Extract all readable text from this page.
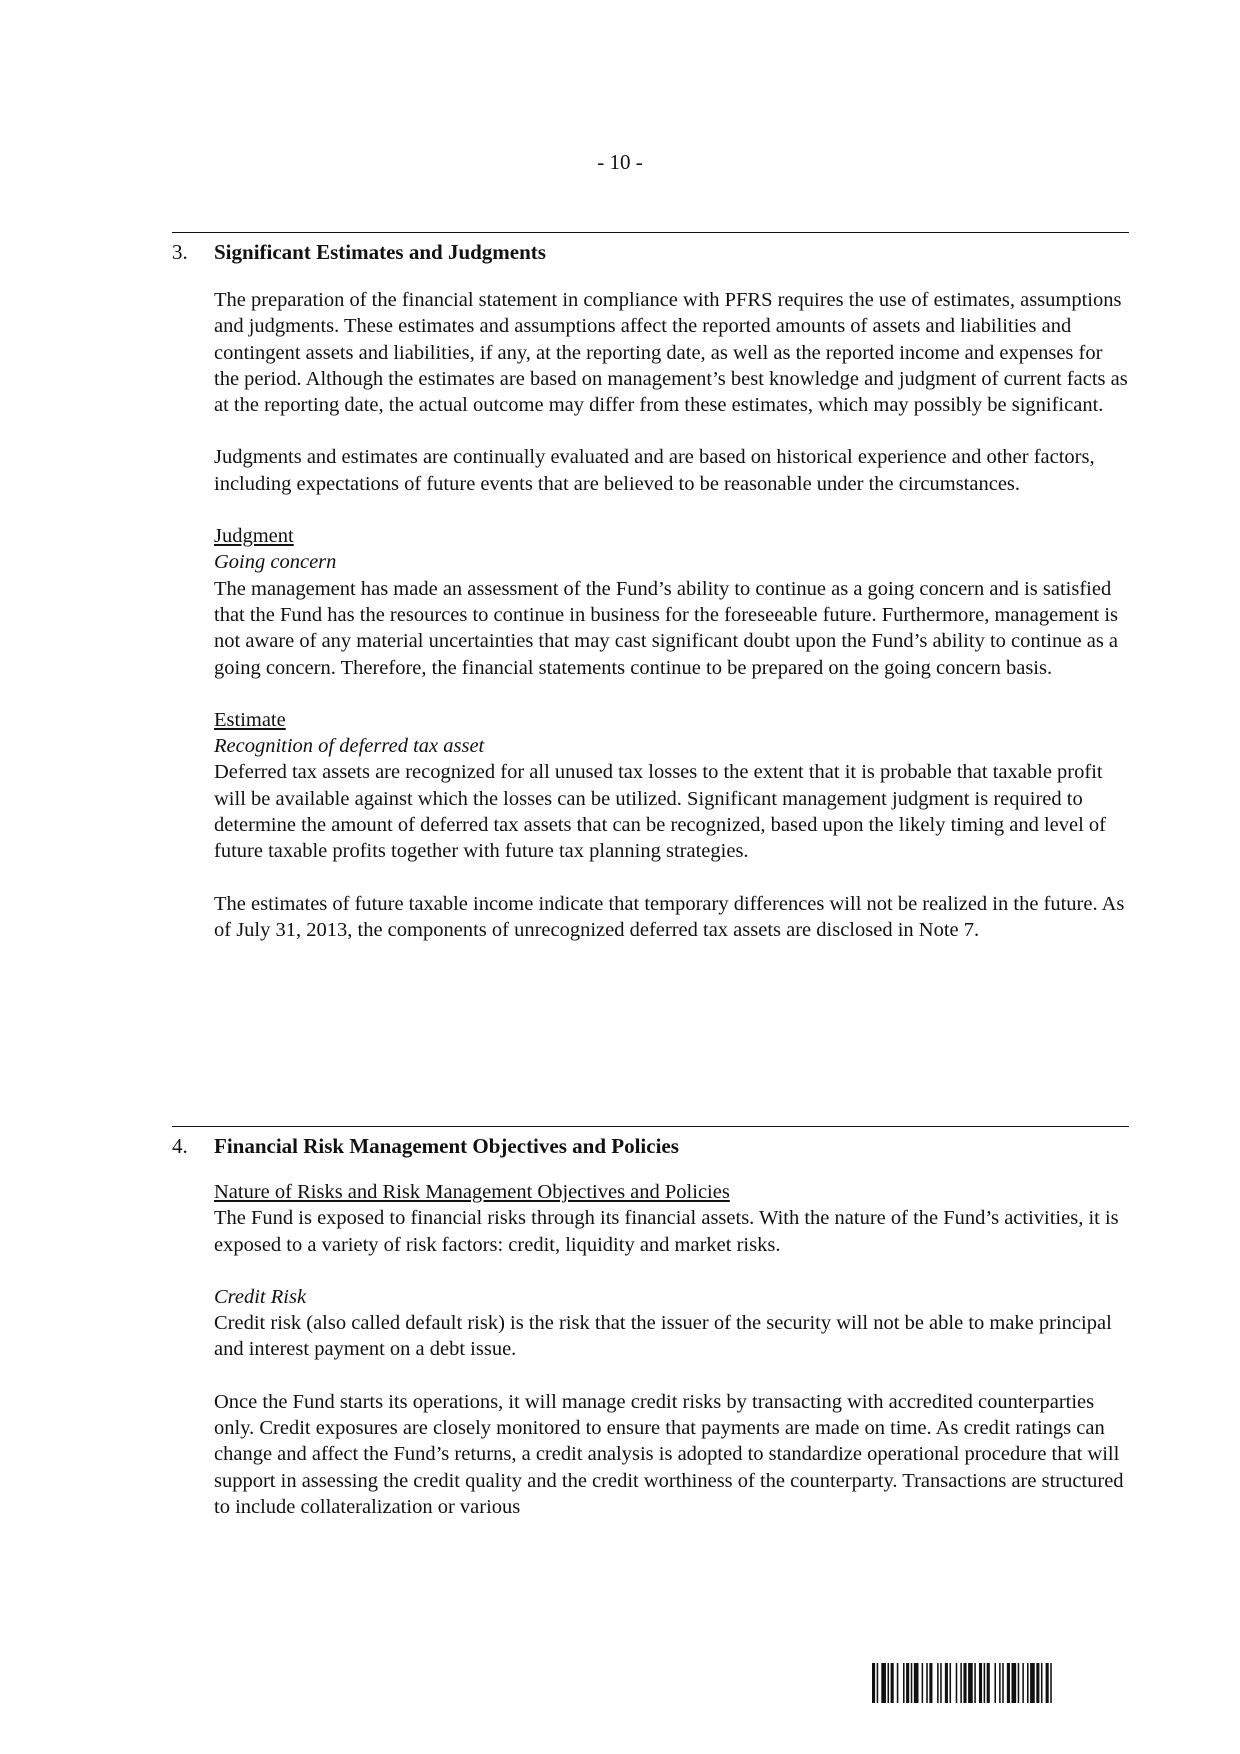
- 10 -
3.	Significant Estimates and Judgments

The preparation of the financial statement in compliance with PFRS requires the use of estimates, assumptions and judgments. These estimates and assumptions affect the reported amounts of assets and liabilities and contingent assets and liabilities, if any, at the reporting date, as well as the reported income and expenses for the period. Although the estimates are based on management’s best knowledge and judgment of current facts as at the reporting date, the actual outcome may differ from these estimates, which may possibly be significant.

Judgments and estimates are continually evaluated and are based on historical experience and other factors, including expectations of future events that are believed to be reasonable under the circumstances.

Judgment
Going concern

The management has made an assessment of the Fund’s ability to continue as a going concern and is satisfied that the Fund has the resources to continue in business for the foreseeable future. Furthermore, management is not aware of any material uncertainties that may cast significant doubt upon the Fund’s ability to continue as a going concern. Therefore, the financial statements continue to be prepared on the going concern basis.

Estimate
Recognition of deferred tax asset

Deferred tax assets are recognized for all unused tax losses to the extent that it is probable that taxable profit will be available against which the losses can be utilized. Significant management judgment is required to determine the amount of deferred tax assets that can be recognized, based upon the likely timing and level of future taxable profits together with future tax planning strategies.

The estimates of future taxable income indicate that temporary differences will not be realized in the future. As of July 31, 2013, the components of unrecognized deferred tax assets are disclosed in Note 7.

4.	Financial Risk Management Objectives and Policies
Nature of Risks and Risk Management Objectives and Policies

The Fund is exposed to financial risks through its financial assets. With the nature of the Fund’s activities, it is exposed to a variety of risk factors: credit, liquidity and market risks.

Credit Risk

Credit risk (also called default risk) is the risk that the issuer of the security will not be able to make principal and interest payment on a debt issue.

Once the Fund starts its operations, it will manage credit risks by transacting with accredited counterparties only. Credit exposures are closely monitored to ensure that payments are made on time. As credit ratings can change and affect the Fund’s returns, a credit analysis is adopted to standardize operational procedure that will support in assessing the credit quality and the credit worthiness of the counterparty. Transactions are structured to include collateralization or various
